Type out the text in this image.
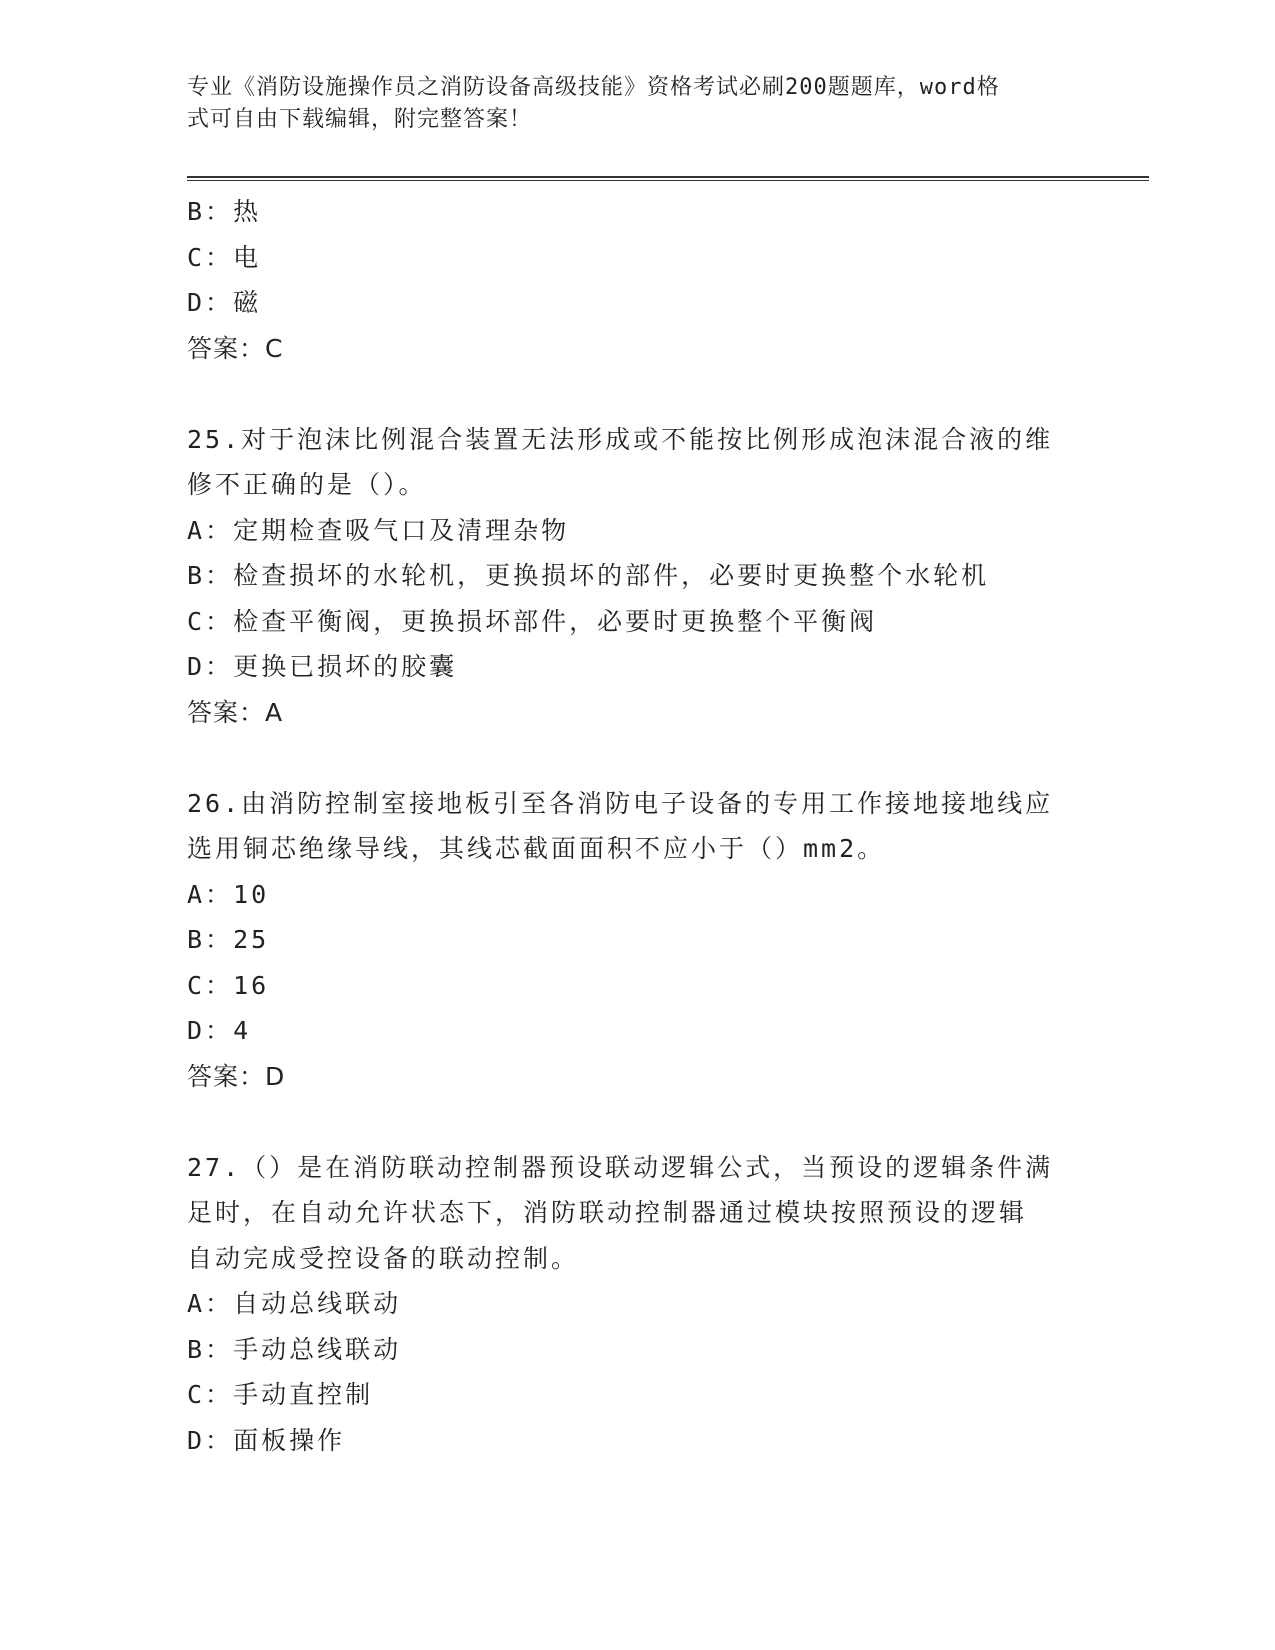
专业《消防设施操作员之消防设备高级技能》资格考试必刷200题题库，word格
式可自由下载编辑，附完整答案！
B：热
C：电
D：磁
答案：C
25.对于泡沫比例混合装置无法形成或不能按比例形成泡沫混合液的维
修不正确的是（）。
A：定期检查吸气口及清理杂物
B：检查损坏的水轮机，更换损坏的部件，必要时更换整个水轮机
C：检查平衡阀，更换损坏部件，必要时更换整个平衡阀
D：更换已损坏的胶囊
答案：A
26.由消防控制室接地板引至各消防电子设备的专用工作接地接地线应
选用铜芯绝缘导线，其线芯截面面积不应小于（）mm2。
A：10
B：25
C：16
D：4
答案：D
27.（）是在消防联动控制器预设联动逻辑公式，当预设的逻辑条件满
足时，在自动允许状态下，消防联动控制器通过模块按照预设的逻辑
自动完成受控设备的联动控制。
A：自动总线联动
B：手动总线联动
C：手动直控制
D：面板操作
